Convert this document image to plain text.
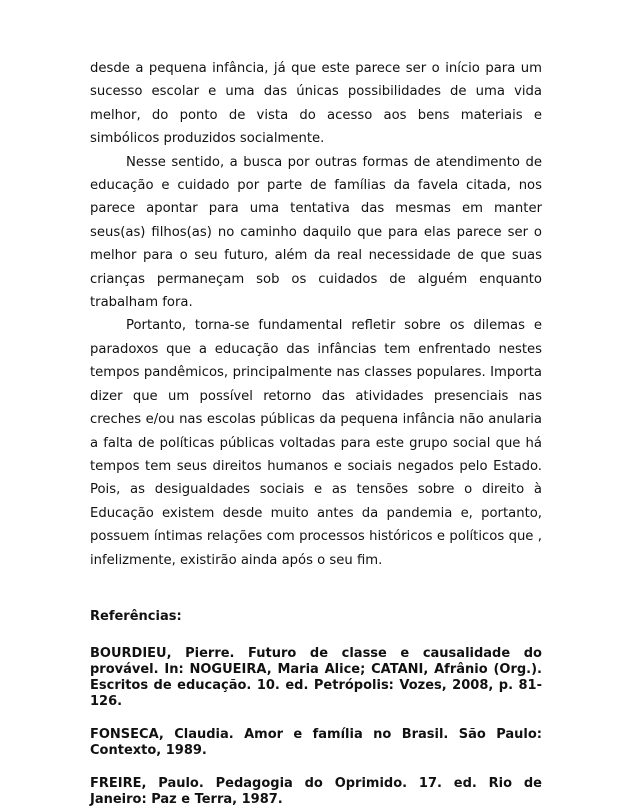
desde a pequena infância, já que este parece ser o início para um sucesso escolar e uma das únicas possibilidades de uma vida melhor, do ponto de vista do acesso aos bens materiais e simbólicos produzidos socialmente.

Nesse sentido, a busca por outras formas de atendimento de educação e cuidado por parte de famílias da favela citada, nos parece apontar para uma tentativa das mesmas em manter seus(as) filhos(as) no caminho daquilo que para elas parece ser o melhor para o seu futuro, além da real necessidade de que suas crianças permaneçam sob os cuidados de alguém enquanto trabalham fora.

Portanto, torna-se fundamental refletir sobre os dilemas e paradoxos que a educação das infâncias tem enfrentado nestes tempos pandêmicos, principalmente nas classes populares. Importa dizer que um possível retorno das atividades presenciais nas creches e/ou nas escolas públicas da pequena infância não anularia a falta de políticas públicas voltadas para este grupo social que há tempos tem seus direitos humanos e sociais negados pelo Estado. Pois, as desigualdades sociais e as tensões sobre o direito à Educação existem desde muito antes da pandemia e, portanto, possuem íntimas relações com processos históricos e políticos que , infelizmente, existirão ainda após o seu fim.

Referências:

BOURDIEU, Pierre. Futuro de classe e causalidade do provável. In: NOGUEIRA, Maria Alice; CATANI, Afrânio (Org.). Escritos de educação. 10. ed. Petrópolis: Vozes, 2008, p. 81-126.

FONSECA, Claudia. Amor e família no Brasil. São Paulo: Contexto, 1989.

FREIRE, Paulo. Pedagogia do Oprimido. 17. ed. Rio de Janeiro: Paz e Terra, 1987.
